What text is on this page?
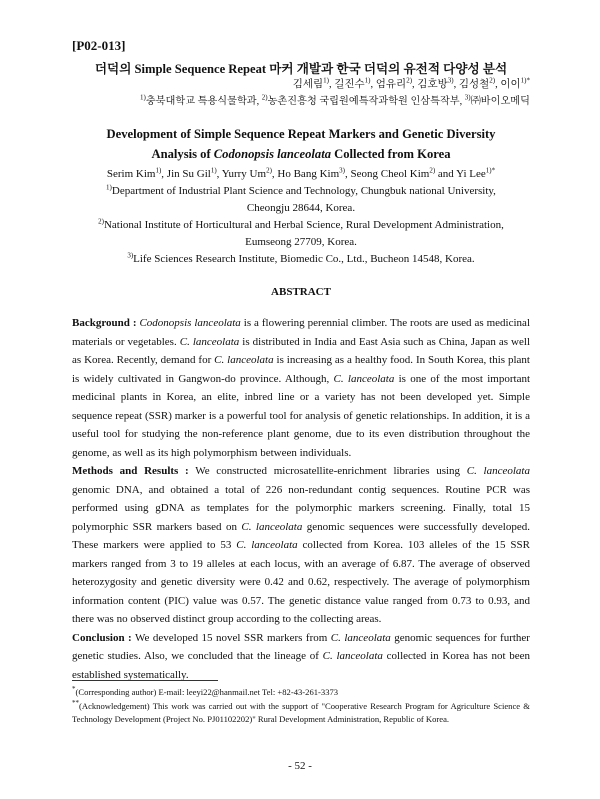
[P02-013]

더덕의 Simple Sequence Repeat 마커 개발과 한국 더덕의 유전적 다양성 분석

김세림$^{1)}$, 길진수$^{1)}$, 엄유리$^{2)}$, 김호방$^{3)}$, 김성철$^{2)}$, 이이$^{1)*}$

$^{1)}$충북대학교 특용식물학과, $^{2)}$농촌진흥청 국립원예특작과학원 인삼특작부, $^{3)}$㈜바이오메딕

Development of Simple Sequence Repeat Markers and Genetic Diversity
Analysis of Codonopsis lanceolata Collected from Korea

Serim Kim$^{1)}$, Jin Su Gil$^{1)}$, Yurry Um$^{2)}$, Ho Bang Kim$^{3)}$, Seong Cheol Kim$^{2)}$ and Yi Lee$^{1)*}$

$^{1)}$Department of Industrial Plant Science and Technology, Chungbuk national University,
Cheongju 28644, Korea.

$^{2)}$National Institute of Horticultural and Herbal Science, Rural Development Administration,
Eumseong 27709, Korea.

$^{3)}$Life Sciences Research Institute, Biomedic Co., Ltd., Bucheon 14548, Korea.

ABSTRACT

Background : Codonopsis lanceolata is a flowering perennial climber. The roots are used as medicinal materials or vegetables. C. lanceolata is distributed in India and East Asia such as China, Japan as well as Korea. Recently, demand for C. lanceolata is increasing as a healthy food. In South Korea, this plant is widely cultivated in Gangwon-do province. Although, C. lanceolata is one of the most important medicinal plants in Korea, an elite, inbred line or a variety has not been developed yet. Simple sequence repeat (SSR) marker is a powerful tool for analysis of genetic relationships. In addition, it is a useful tool for studying the non-reference plant genome, due to its even distribution throughout the genome, as well as its high polymorphism between individuals.

Methods and Results : We constructed microsatellite-enrichment libraries using C. lanceolata genomic DNA, and obtained a total of 226 non-redundant contig sequences. Routine PCR was performed using gDNA as templates for the polymorphic markers screening. Finally, total 15 polymorphic SSR markers based on C. lanceolata genomic sequences were successfully developed. These markers were applied to 53 C. lanceolata collected from Korea. 103 alleles of the 15 SSR markers ranged from 3 to 19 alleles at each locus, with an average of 6.87. The average of observed heterozygosity and genetic diversity were 0.42 and 0.62, respectively. The average of polymorphism information content (PIC) value was 0.57. The genetic distance value ranged from 0.73 to 0.93, and there was no observed distinct group according to the collecting areas.

Conclusion : We developed 15 novel SSR markers from C. lanceolata genomic sequences for further genetic studies. Also, we concluded that the lineage of C. lanceolata collected in Korea has not been established systematically.

*(Corresponding author) E-mail: leeyi22@hanmail.net Tel: +82-43-261-3373

**(Acknowledgement) This work was carried out with the support of "Cooperative Research Program for Agriculture Science & Technology Development (Project No. PJ01102202)" Rural Development Administration, Republic of Korea.

- 52 -
